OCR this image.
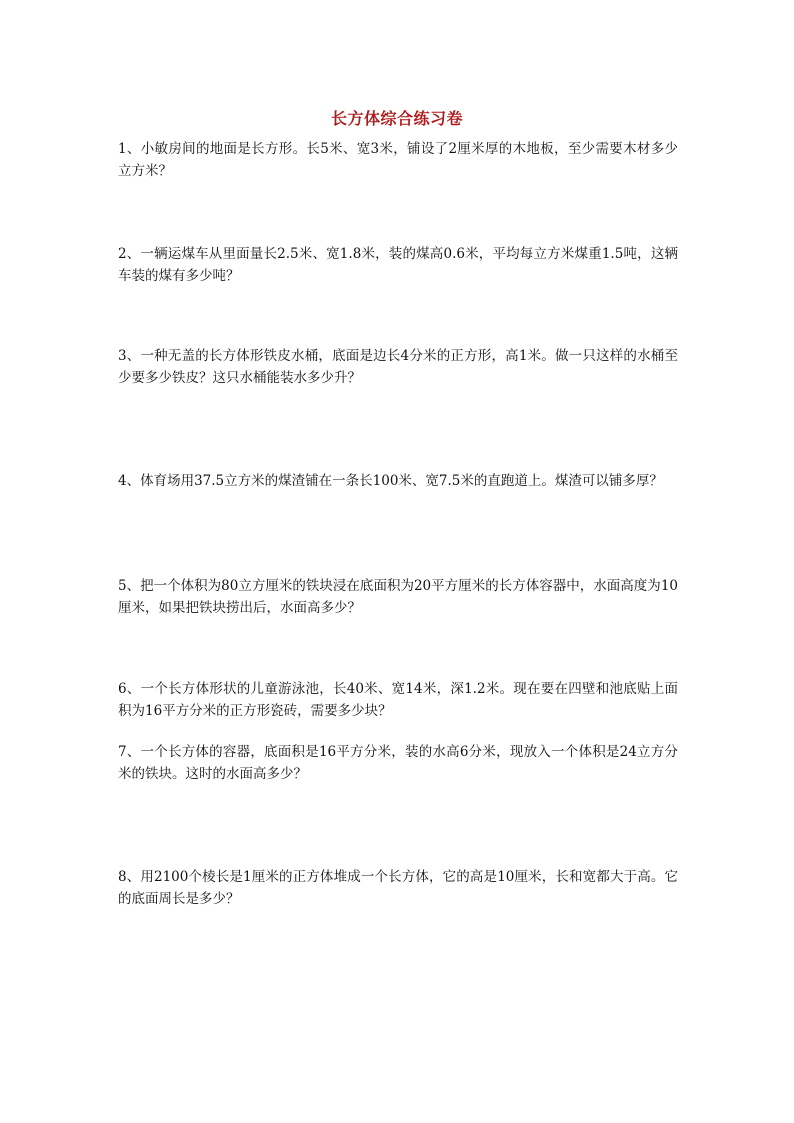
长方体综合练习卷

1、小敏房间的地面是长方形。长5米、宽3米，铺设了2厘米厚的木地板，至少需要木材多少立方米？

2、一辆运煤车从里面量长2.5米、宽1.8米，装的煤高0.6米，平均每立方米煤重1.5吨，这辆车装的煤有多少吨？

3、一种无盖的长方体形铁皮水桶，底面是边长4分米的正方形，高1米。做一只这样的水桶至少要多少铁皮？这只水桶能装水多少升？

4、体育场用37.5立方米的煤渣铺在一条长100米、宽7.5米的直跑道上。煤渣可以铺多厚？

5、把一个体积为80立方厘米的铁块浸在底面积为20平方厘米的长方体容器中，水面高度为10厘米，如果把铁块捞出后，水面高多少？

6、一个长方体形状的儿童游泳池，长40米、宽14米，深1.2米。现在要在四壁和池底贴上面积为16平方分米的正方形瓷砖，需要多少块？

7、一个长方体的容器，底面积是16平方分米，装的水高6分米，现放入一个体积是24立方分米的铁块。这时的水面高多少？

8、用2100个棱长是1厘米的正方体堆成一个长方体，它的高是10厘米，长和宽都大于高。它的底面周长是多少？
